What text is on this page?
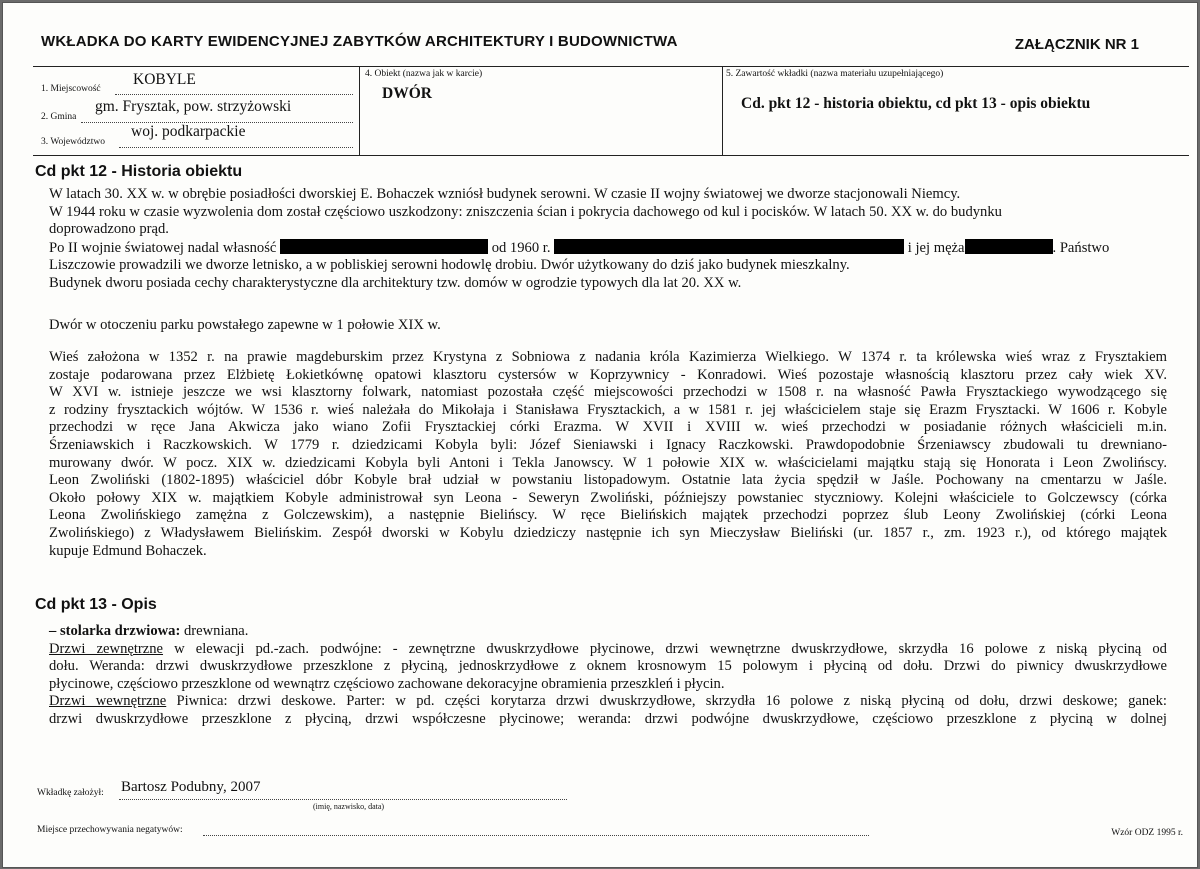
WKŁADKA DO KARTY EWIDENCYJNEJ ZABYTKÓW ARCHITEKTURY I BUDOWNICTWA	ZAŁĄCZNIK NR 1
1. Miejscowość
KOBYLE
2. Gmina
gm. Frysztak, pow. strzyżowski
3. Województwo
woj. podkarpackie
4. Obiekt (nazwa jak w karcie)
DWÓR
5. Zawartość wkładki (nazwa materiału uzupełniającego)
Cd. pkt 12 - historia obiektu, cd pkt 13 - opis obiektu
Cd pkt 12 - Historia obiektu
W latach 30. XX w. w obrębie posiadłości dworskiej E. Bohaczek wzniósł budynek serowni. W czasie II wojny światowej we dworze stacjonowali Niemcy.
W 1944 roku w czasie wyzwolenia dom został częściowo uszkodzony: zniszczenia ścian i pokrycia dachowego od kul i pocisków. W latach 50. XX w. do budynku
doprowadzono prąd.
Po II wojnie światowej nadal własność	od 1960 r.	i jej męża	. Państwo
Liszczowie prowadzili we dworze letnisko, a w pobliskiej serowni hodowlę drobiu. Dwór użytkowany do dziś jako budynek mieszkalny.
Budynek dworu posiada cechy charakterystyczne dla architektury tzw. domów w ogrodzie typowych dla lat 20. XX w.
Dwór w otoczeniu parku powstałego zapewne w 1 połowie XIX w.
Wieś założona w 1352 r. na prawie magdeburskim przez Krystyna z Sobniowa z nadania króla Kazimierza Wielkiego. W 1374 r. ta królewska wieś wraz z Frysztakiem
zostaje podarowana przez Elżbietę Łokietkównę opatowi klasztoru cystersów w Koprzywnicy - Konradowi. Wieś pozostaje własnością klasztoru przez cały wiek XV.
W XVI w. istnieje jeszcze we wsi klasztorny folwark, natomiast pozostała część miejscowości przechodzi w 1508 r. na własność Pawła Frysztackiego wywodzącego się
z rodziny frysztackich wójtów. W 1536 r. wieś należała do Mikołaja i Stanisława Frysztackich, a w 1581 r. jej właścicielem staje się Erazm Frysztacki. W 1606 r. Kobyle
przechodzi w ręce Jana Akwicza jako wiano Zofii Frysztackiej córki Erazma. W XVII i XVIII w. wieś przechodzi w posiadanie różnych właścicieli m.in.
Śrzeniawskich i Raczkowskich. W 1779 r. dziedzicami Kobyla byli: Józef Sieniawski i Ignacy Raczkowski. Prawdopodobnie Śrzeniawscy zbudowali tu drewniano-
murowany dwór. W pocz. XIX w. dziedzicami Kobyla byli Antoni i Tekla Janowscy. W 1 połowie XIX w. właścicielami majątku stają się Honorata i Leon Zwolińscy.
Leon Zwoliński (1802-1895) właściciel dóbr Kobyle brał udział w powstaniu listopadowym. Ostatnie lata życia spędził w Jaśle. Pochowany na cmentarzu w Jaśle.
Około połowy XIX w. majątkiem Kobyle administrował syn Leona - Seweryn Zwoliński, późniejszy powstaniec styczniowy. Kolejni właściciele to Golczewscy (córka
Leona Zwolińskiego zamężna z Golczewskim), a następnie Bielińscy. W ręce Bielińskich majątek przechodzi poprzez ślub Leony Zwolińskiej (córki Leona
Zwolińskiego) z Władysławem Bielińskim. Zespół dworski w Kobylu dziedziczy następnie ich syn Mieczysław Bieliński (ur. 1857 r., zm. 1923 r.), od którego majątek
kupuje Edmund Bohaczek.
Cd pkt 13 - Opis
– stolarka drzwiowa: drewniana.
Drzwi zewnętrzne w elewacji pd.-zach. podwójne: - zewnętrzne dwuskrzydłowe płycinowe, drzwi wewnętrzne dwuskrzydłowe, skrzydła 16 polowe z niską płyciną od
dołu. Weranda: drzwi dwuskrzydłowe przeszklone z płyciną, jednoskrzydłowe z oknem krosnowym 15 polowym i płyciną od dołu. Drzwi do piwnicy dwuskrzydłowe
płycinowe, częściowo przeszklone od wewnątrz częściowo zachowane dekoracyjne obramienia przeszkleń i płycin.
Drzwi wewnętrzne Piwnica: drzwi deskowe. Parter: w pd. części korytarza drzwi dwuskrzydłowe, skrzydła 16 polowe z niską płyciną od dołu, drzwi deskowe; ganek:
drzwi dwuskrzydłowe przeszklone z płyciną, drzwi współczesne płycinowe; weranda: drzwi podwójne dwuskrzydłowe, częściowo przeszklone z płyciną w dolnej
Wkładkę założył: Bartosz Podubny, 2007
(imię, nazwisko, data)
Miejsce przechowywania negatywów:	Wzór ODZ 1995 r.
